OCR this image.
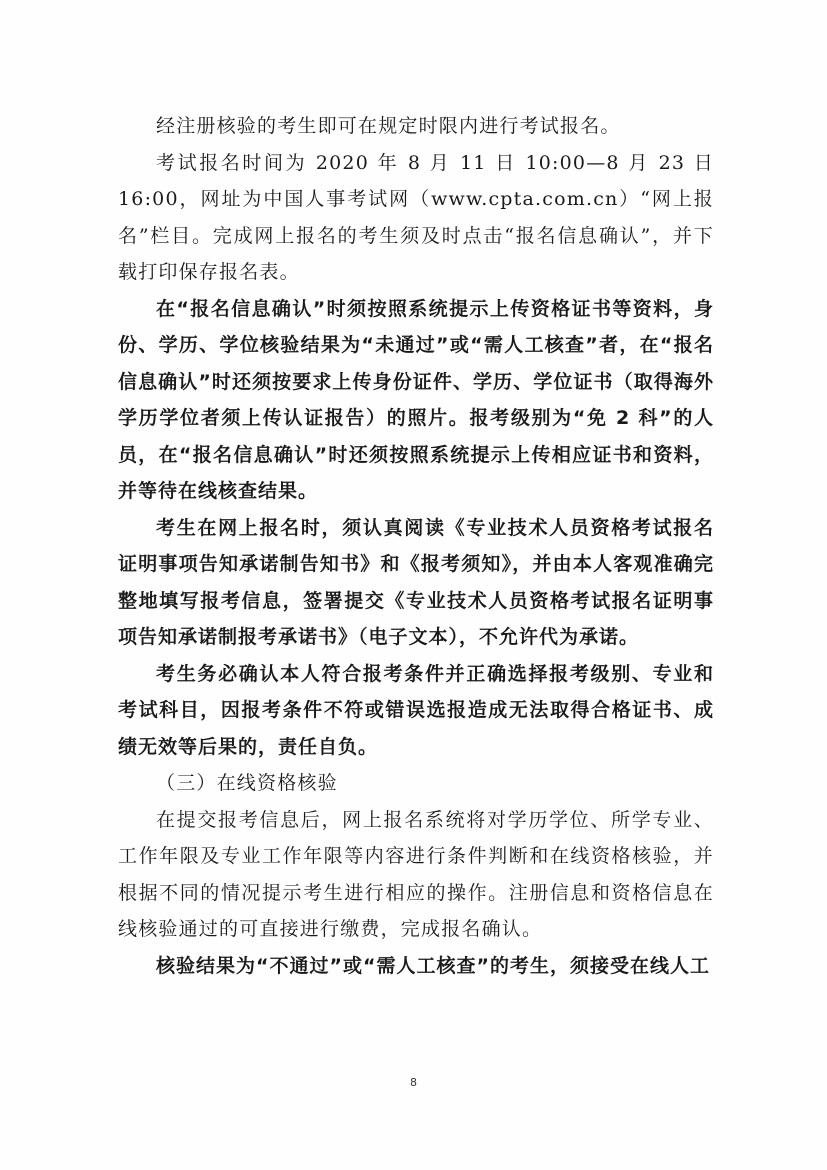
经注册核验的考生即可在规定时限内进行考试报名。

考试报名时间为 2020 年 8 月 11 日 10:00—8 月 23 日 16:00，网址为中国人事考试网（www.cpta.com.cn）“网上报名”栏目。完成网上报名的考生须及时点击“报名信息确认”，并下载打印保存报名表。

在“报名信息确认”时须按照系统提示上传资格证书等资料，身份、学历、学位核验结果为“未通过”或“需人工核查”者，在“报名信息确认”时还须按要求上传身份证件、学历、学位证书（取得海外学历学位者须上传认证报告）的照片。报考级别为“免 2 科”的人员，在“报名信息确认”时还须按照系统提示上传相应证书和资料，并等待在线核查结果。

考生在网上报名时，须认真阅读《专业技术人员资格考试报名证明事项告知承诺制告知书》和《报考须知》，并由本人客观准确完整地填写报考信息，签署提交《专业技术人员资格考试报名证明事项告知承诺制报考承诺书》（电子文本），不允许代为承诺。

考生务必确认本人符合报考条件并正确选择报考级别、专业和考试科目，因报考条件不符或错误选报造成无法取得合格证书、成绩无效等后果的，责任自负。

（三）在线资格核验

在提交报考信息后，网上报名系统将对学历学位、所学专业、工作年限及专业工作年限等内容进行条件判断和在线资格核验，并根据不同的情况提示考生进行相应的操作。注册信息和资格信息在线核验通过的可直接进行缴费，完成报名确认。

核验结果为“不通过”或“需人工核查”的考生，须接受在线人工

8
